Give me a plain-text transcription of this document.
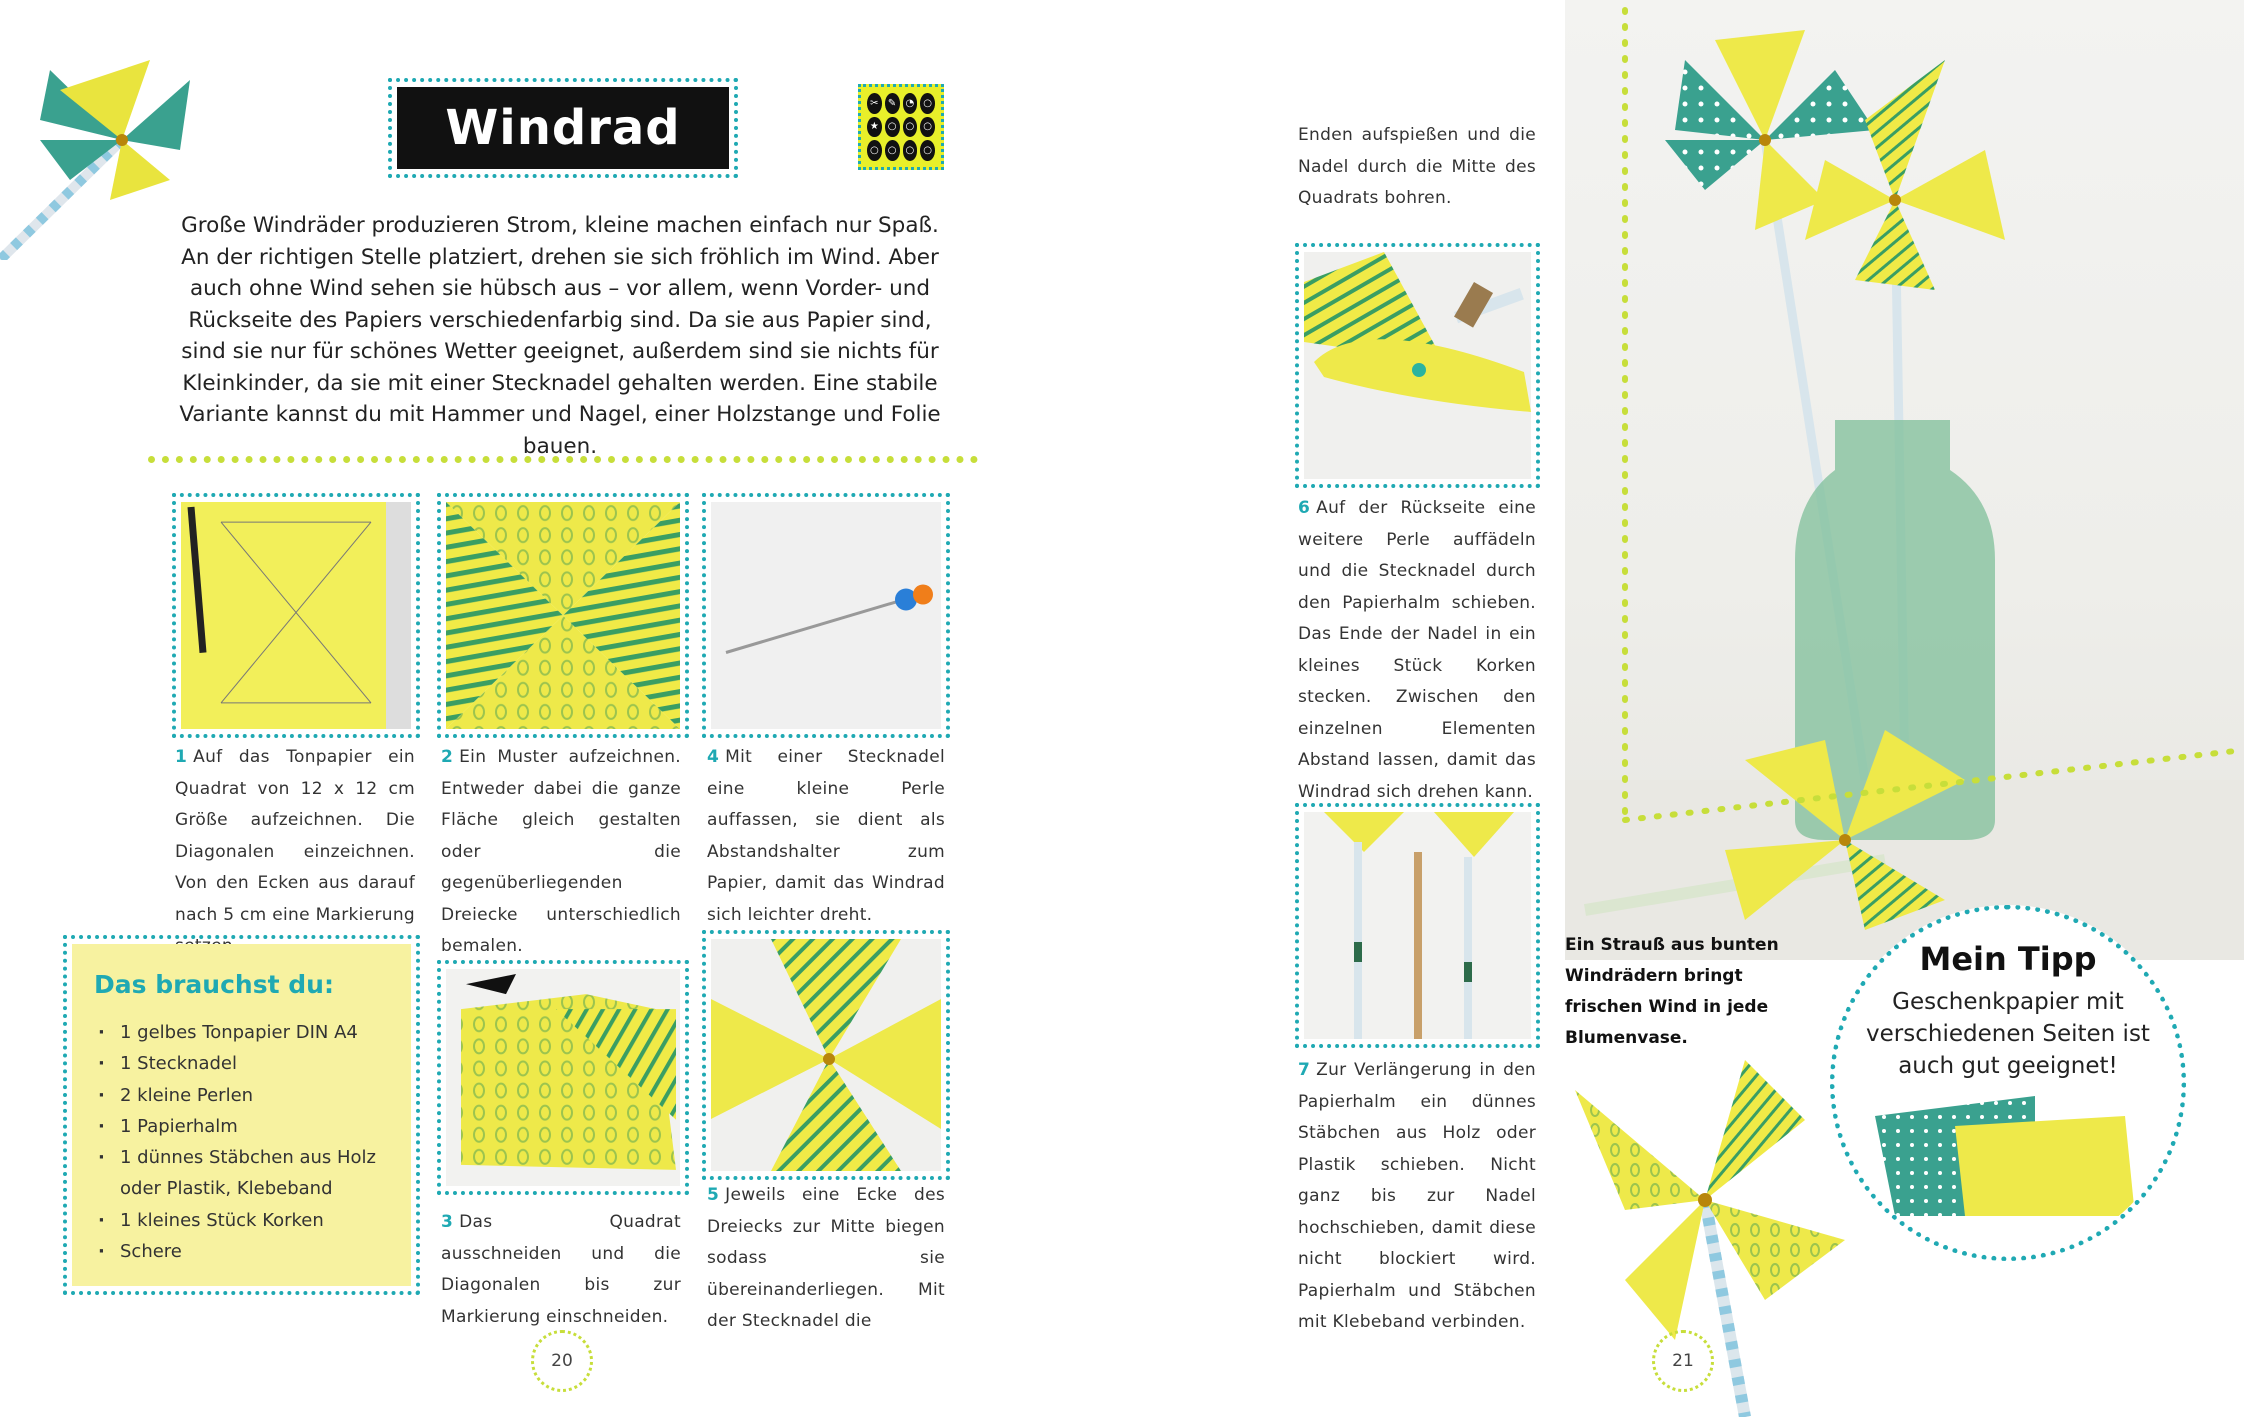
Windrad	✂ ✎ ◔ ○
★ ○ ○ ○
○ ○ ○ ○
Große Windräder produzieren Strom, kleine machen einfach nur Spaß. An der richtigen Stelle platziert, drehen sie sich fröhlich im Wind. Aber auch ohne Wind sehen sie hübsch aus – vor allem, wenn Vorder- und Rückseite des Papiers verschiedenfarbig sind. Da sie aus Papier sind, sind sie nur für schönes Wetter geeignet, außerdem sind sie nichts für Kleinkinder, da sie mit einer Stecknadel gehalten werden. Eine stabile Variante kannst du mit Hammer und Nagel, einer Holzstange und Folie bauen.
1 Auf das Tonpapier ein Quadrat von 12 x 12 cm Größe aufzeichnen. Die Diagonalen einzeichnen. Von den Ecken aus darauf nach 5 cm eine Markierung
2 Ein Muster aufzeichnen. Entweder dabei die ganze Fläche gleich gestalten oder die gegenüberliegenden Dreiecke unterschiedlich bemalen.
4 Mit einer Stecknadel eine kleine Perle auffassen, sie dient als Abstandshalter zum Papier, damit das Windrad sich leichter dreht.
Das brauchst du:
· 1 gelbes Tonpapier DIN A4
· 1 Stecknadel
· 2 kleine Perlen
· 1 Papierhalm
· 1 dünnes Stäbchen aus Holz oder Plastik, Klebeband
· 1 kleines Stück Korken
· Schere
3 Das Quadrat ausschneiden und die Diagonalen bis zur Markierung einschneiden.
5 Jeweils eine Ecke des Dreiecks zur Mitte biegen sodass sie übereinanderliegen. Mit der Stecknadel die
20
Enden aufspießen und die Nadel durch die Mitte des Quadrats bohren.
6 Auf der Rückseite eine weitere Perle auffädeln und die Stecknadel durch den Papierhalm schieben. Das Ende der Nadel in ein kleines Stück Korken stecken. Zwischen den einzelnen Elementen Abstand lassen, damit das Windrad sich drehen kann.
7 Zur Verlängerung in den Papierhalm ein dünnes Stäbchen aus Holz oder Plastik schieben. Nicht ganz bis zur Nadel hochschieben, damit diese nicht blockiert wird. Papierhalm und Stäbchen mit Klebeband verbinden.
Ein Strauß aus bunten Windrädern bringt frischen Wind in jede Blumenvase.
Mein Tipp

Geschenkpapier mit verschiedenen Seiten ist auch gut geeignet!

21
